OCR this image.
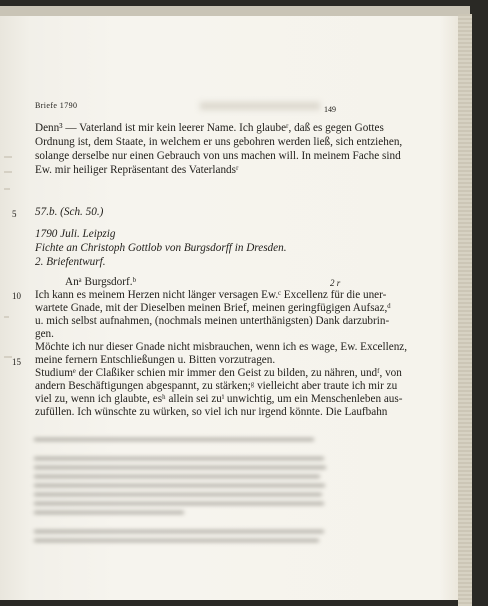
Briefe 1790	149
Denn³ — Vaterland ist mir kein leerer Name. Ich glaubeʳ, daß es gegen Gottes
Ordnung ist, dem Staate, in welchem er uns gebohren werden ließ, sich entziehen,
solange derselbe nur einen Gebrauch von uns machen will. In meinem Fache sind
Ew. mir heiliger Repräsentant des Vaterlandsʳ
5 57.b. (Sch. 50.)
1790 Juli. Leipzig
Fichte an Christoph Gottlob von Burgsdorff in Dresden.
2. Briefentwurf.
Anᵃ Burgsdorf.ᵇ	2 r
10 Ich kann es meinem Herzen nicht länger versagen Ew.ᶜ Excellenz für die uner-
wartete Gnade, mit der Dieselben meinen Brief, meinen geringfügigen Aufsaz,ᵈ
u. mich selbst aufnahmen, (nochmals meinen unterthänigsten) Dank darzubrin-
gen.
Möchte ich nur dieser Gnade nicht misbrauchen, wenn ich es wage, Ew. Excellenz,
15 meine fernern Entschließungen u. Bitten vorzutragen.
Studiumᵉ der Claßiker schien mir immer den Geist zu bilden, zu nähren, undᶠ, von
andern Beschäftigungen abgespannt, zu stärken;ᵍ vielleicht aber traute ich mir zu
viel zu, wenn ich glaubte, esʰ allein sei zuⁱ unwichtig, um ein Menschenleben aus-
zufüllen. Ich wünschte zu würken, so viel ich nur irgend könnte. Die Laufbahn
